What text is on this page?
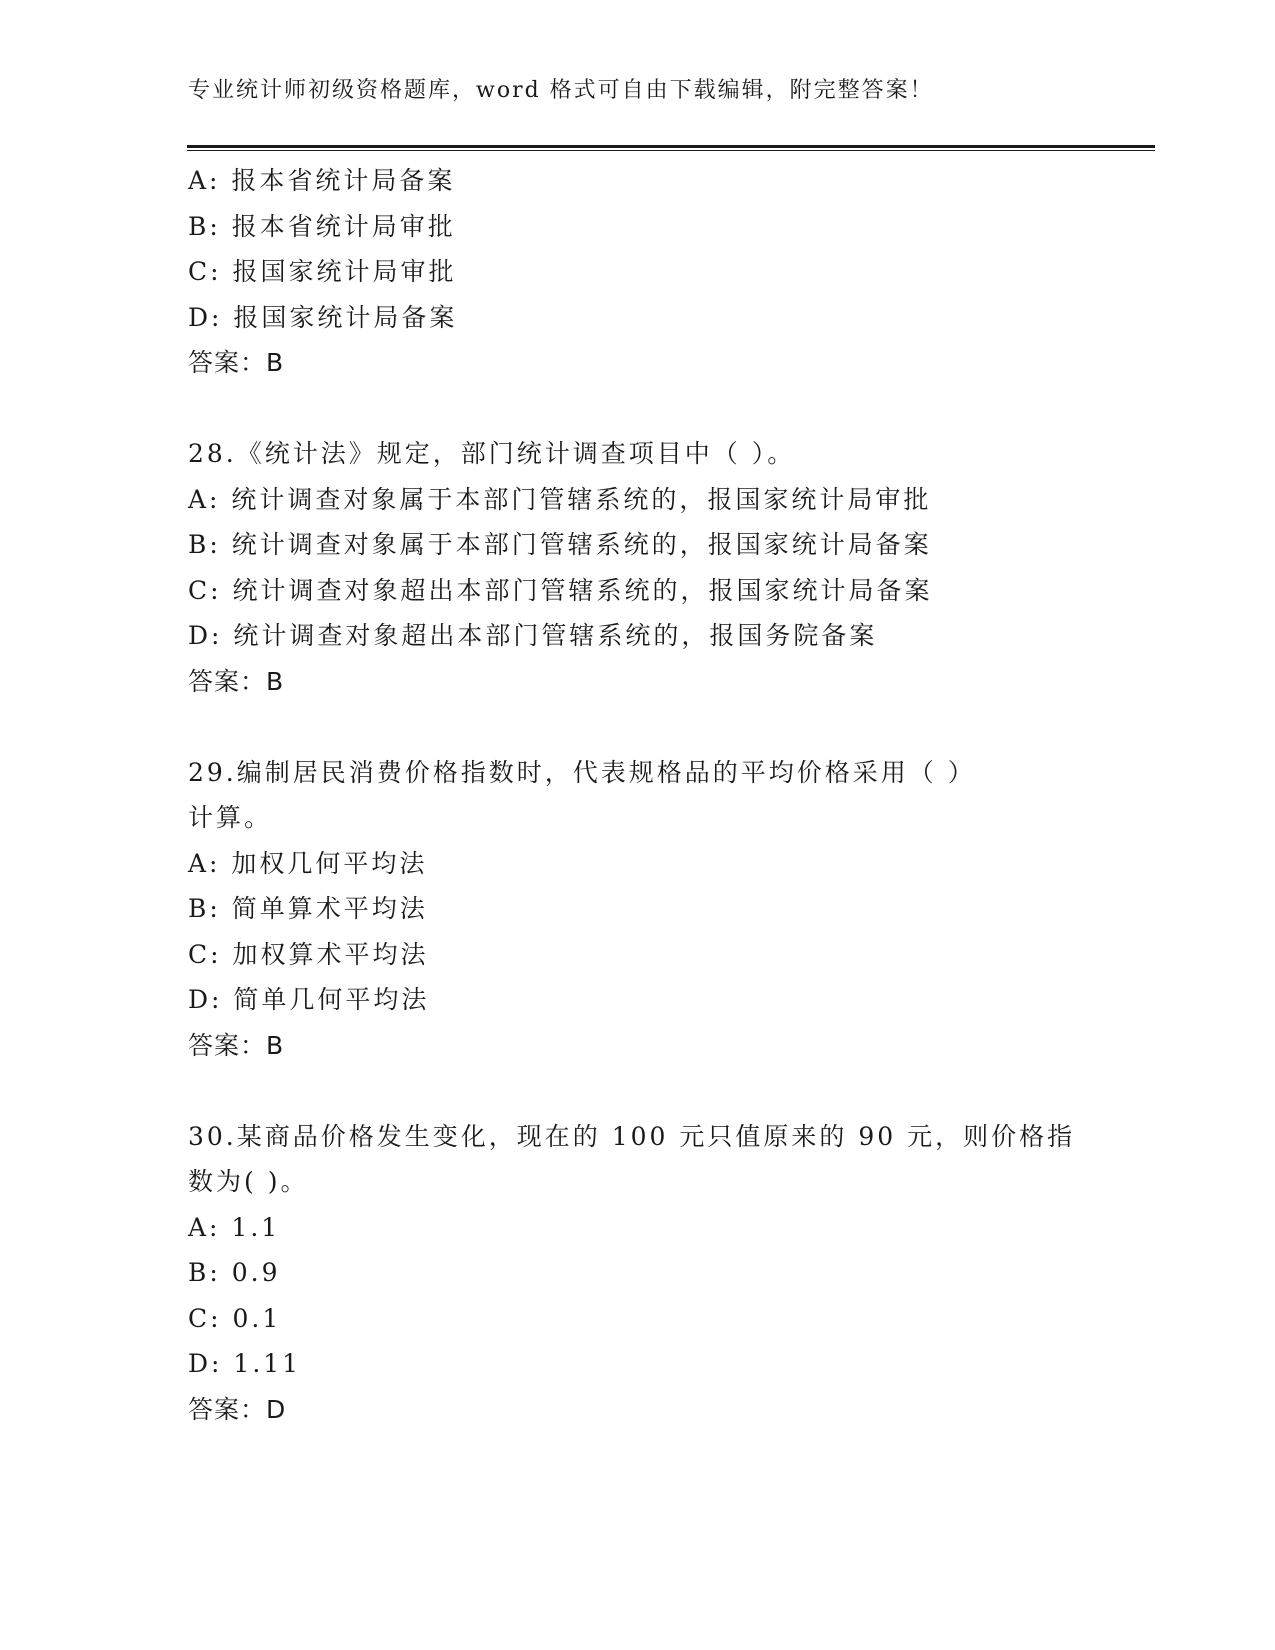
专业统计师初级资格题库，word 格式可自由下载编辑，附完整答案！
A: 报本省统计局备案
B: 报本省统计局审批
C: 报国家统计局审批
D: 报国家统计局备案
答案：B
28.《统计法》规定，部门统计调查项目中（ ）。
A: 统计调查对象属于本部门管辖系统的，报国家统计局审批
B: 统计调查对象属于本部门管辖系统的，报国家统计局备案
C: 统计调查对象超出本部门管辖系统的，报国家统计局备案
D: 统计调查对象超出本部门管辖系统的，报国务院备案
答案：B
29.编制居民消费价格指数时，代表规格品的平均价格采用（ ）
计算。
A: 加权几何平均法
B: 简单算术平均法
C: 加权算术平均法
D: 简单几何平均法
答案：B
30.某商品价格发生变化，现在的 100 元只值原来的 90 元，则价格指
数为( )。
A: 1.1
B: 0.9
C: 0.1
D: 1.11
答案：D
